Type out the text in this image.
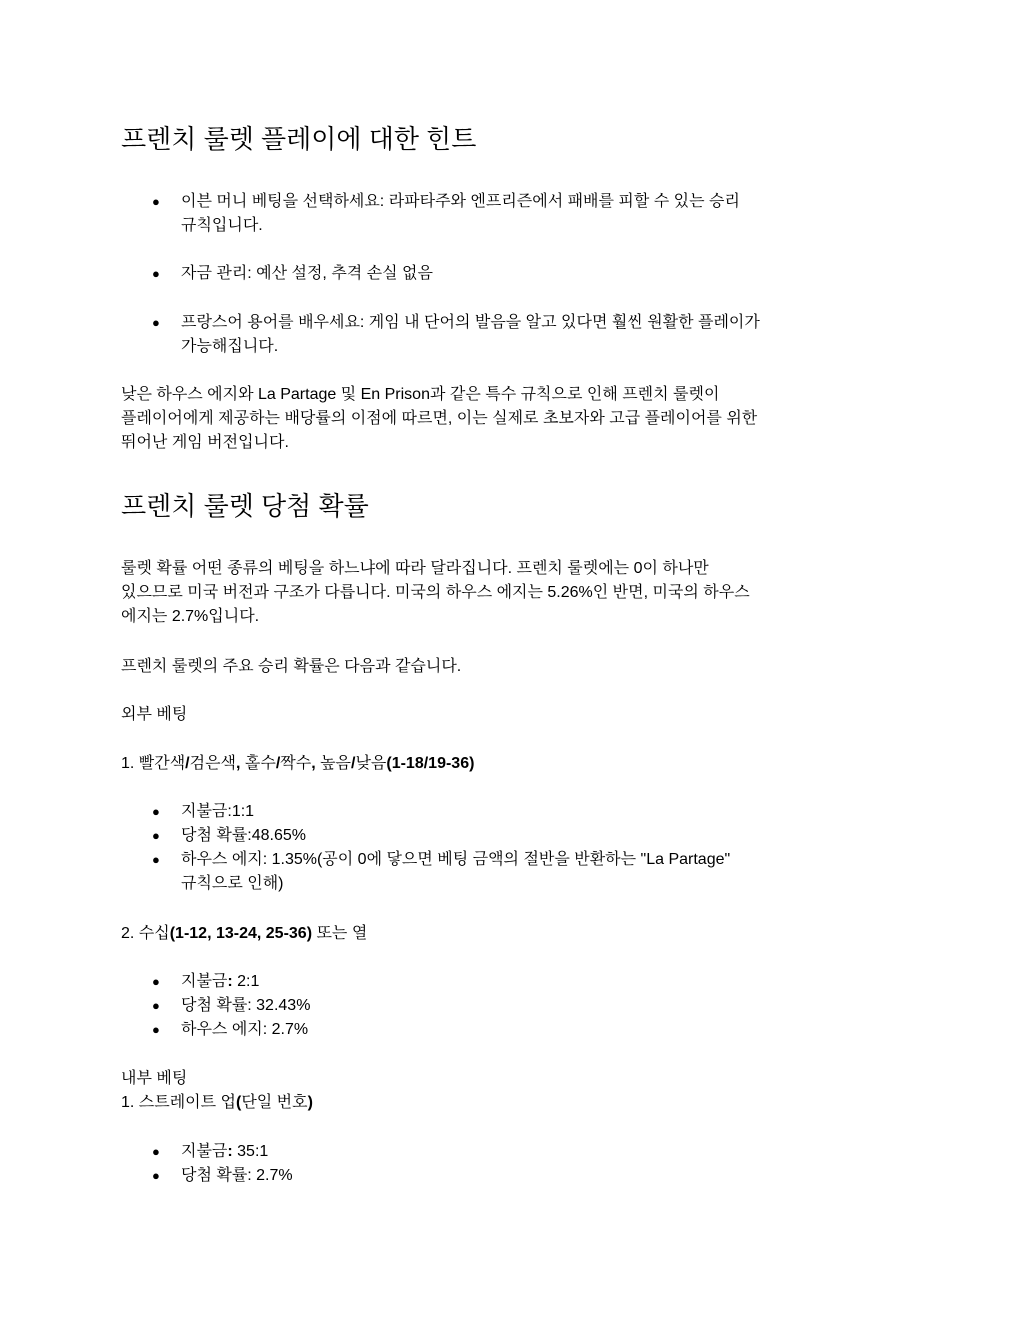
프렌치 룰렛 플레이에 대한 힌트
● 이븐 머니 베팅을 선택하세요: 라파타주와 엔프리즌에서 패배를 피할 수 있는 승리
규칙입니다.
● 자금 관리: 예산 설정, 추격 손실 없음
● 프랑스어 용어를 배우세요: 게임 내 단어의 발음을 알고 있다면 훨씬 원활한 플레이가
가능해집니다.
낮은 하우스 에지와 La Partage 및 En Prison과 같은 특수 규칙으로 인해 프렌치 룰렛이
플레이어에게 제공하는 배당률의 이점에 따르면, 이는 실제로 초보자와 고급 플레이어를 위한
뛰어난 게임 버전입니다.
프렌치 룰렛 당첨 확률
룰렛 확률 어떤 종류의 베팅을 하느냐에 따라 달라집니다. 프렌치 룰렛에는 0이 하나만
있으므로 미국 버전과 구조가 다릅니다. 미국의 하우스 에지는 5.26%인 반면, 미국의 하우스
에지는 2.7%입니다.
프렌치 룰렛의 주요 승리 확률은 다음과 같습니다.
외부 베팅
1. 빨간색/검은색, 홀수/짝수, 높음/낮음(1-18/19-36)
● 지불금:1:1
● 당첨 확률:48.65%
● 하우스 에지: 1.35%(공이 0에 닿으면 베팅 금액의 절반을 반환하는 "La Partage"
규칙으로 인해)
2. 수십(1-12, 13-24, 25-36) 또는 열
● 지불금: 2:1
● 당첨 확률: 32.43%
● 하우스 에지: 2.7%
내부 베팅
1. 스트레이트 업(단일 번호)
● 지불금: 35:1
● 당첨 확률: 2.7%
